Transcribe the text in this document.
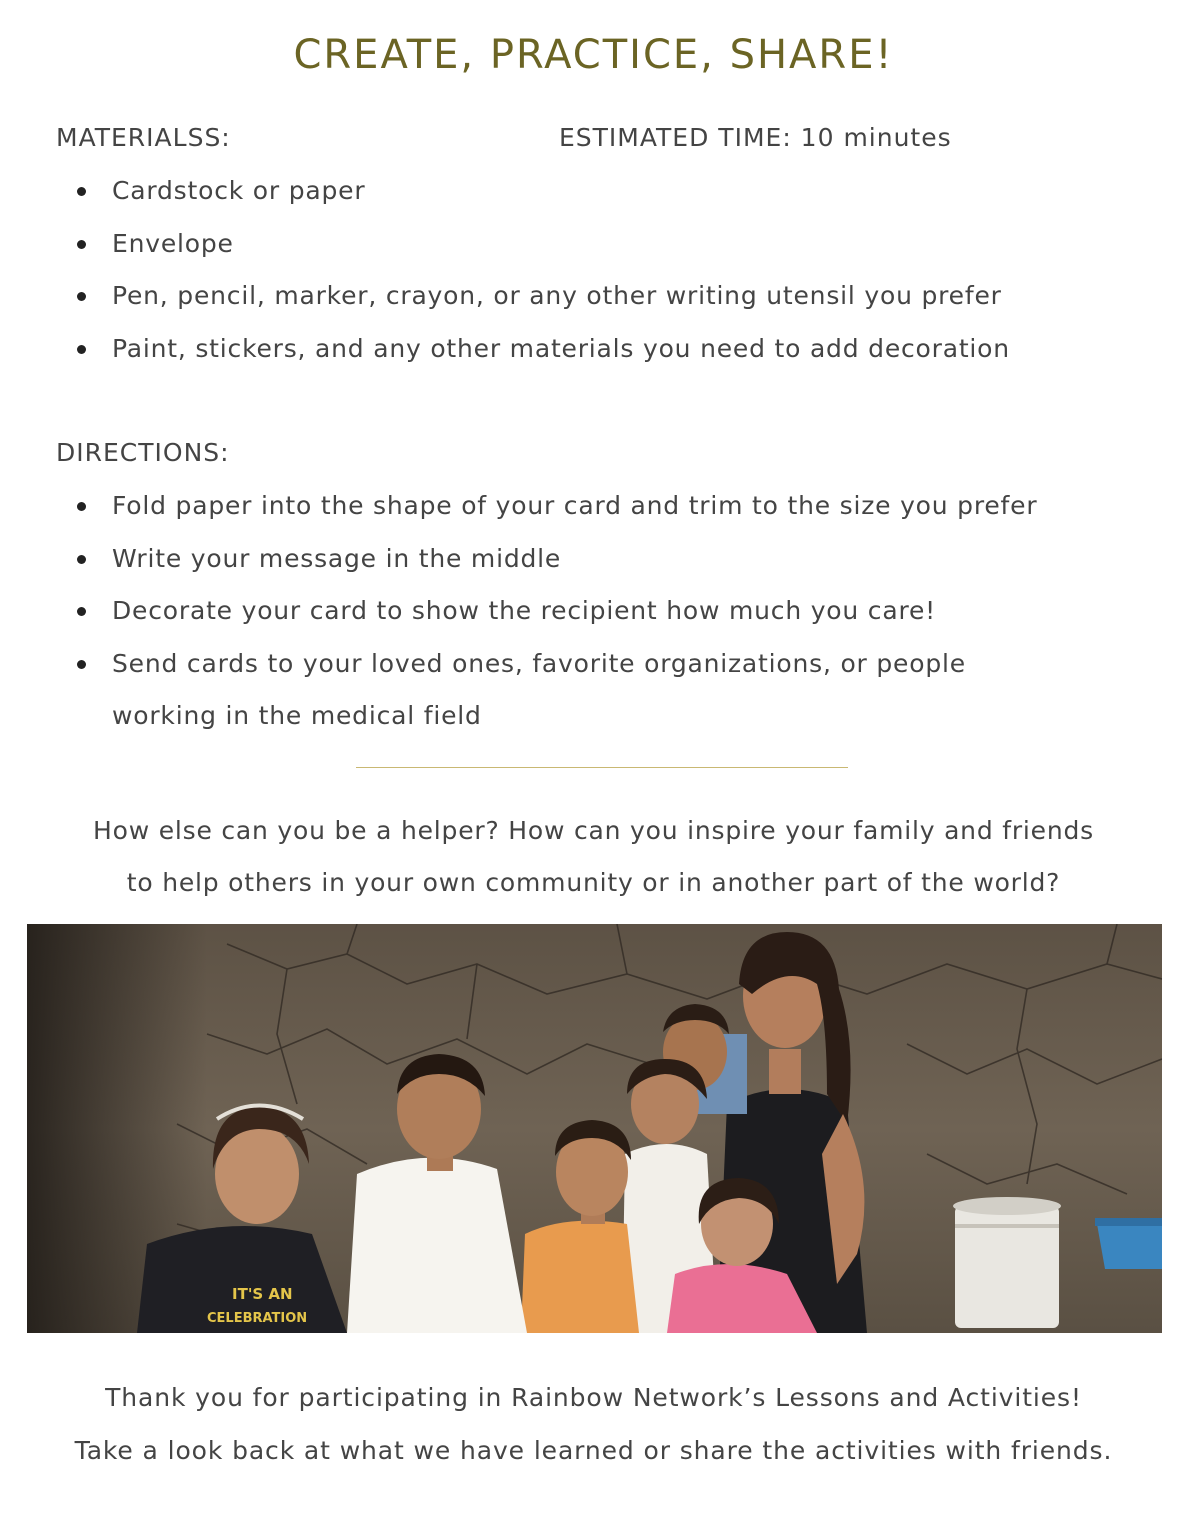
CREATE, PRACTICE, SHARE!
MATERIALSS:	ESTIMATED TIME: 10 minutes
Cardstock or paper
Envelope
Pen, pencil, marker, crayon, or any other writing utensil you prefer
Paint, stickers, and any other materials you need to add decoration
DIRECTIONS:
Fold paper into the shape of your card and trim to the size you prefer
Write your message in the middle
Decorate your card to show the recipient how much you care!
Send cards to your loved ones, favorite organizations, or people working in the medical field

How else can you be a helper? How can you inspire your family and friends
to help others in your own community or in another part of the world?

IT'S AN
CELEBRATION

Thank you for participating in Rainbow Network’s Lessons and Activities!
Take a look back at what we have learned or share the activities with friends.
